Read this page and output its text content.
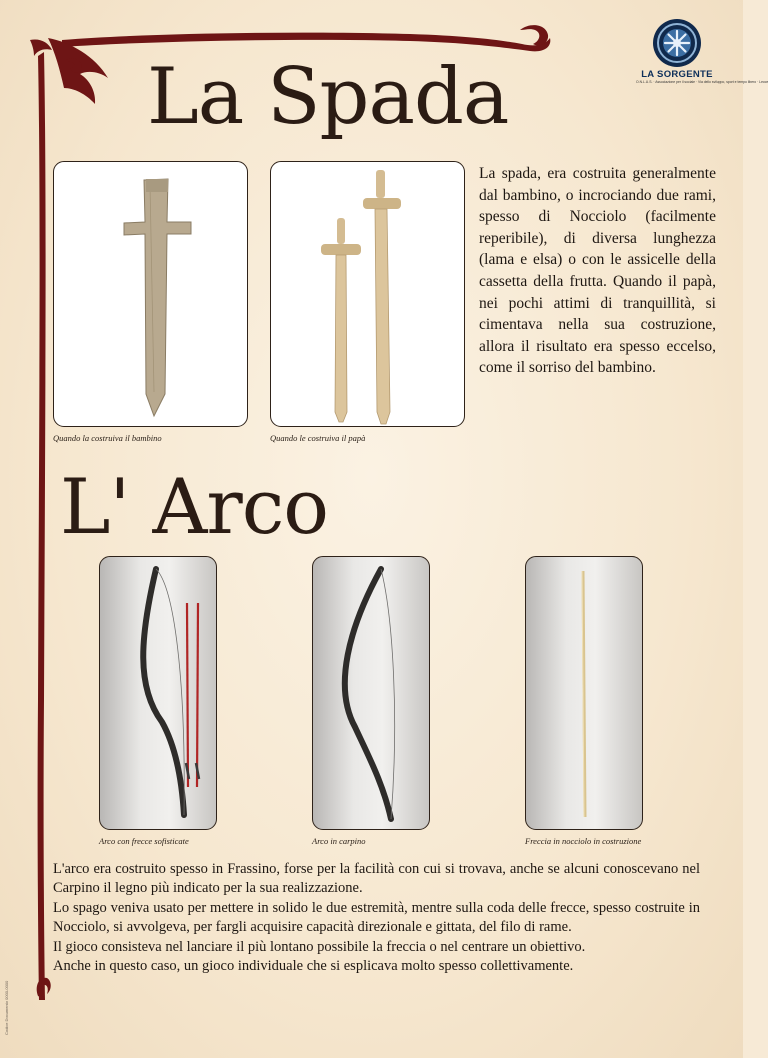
LA SORGENTE
O.N.L.U.S. · Associazione per il sociale · Via dello sviluppo, sport e tempo libero · Lecce
La Spada
Quando la costruiva il bambino	Quando le costruiva il papà

La spada, era costruita generalmente dal bambino, o incrociando due rami, spesso di Nocciolo (facilmente reperibile), di diversa lunghezza (lama e elsa) o con le assicelle della cassetta della frutta. Quando il papà, nei pochi attimi di tranquillità, si cimentava nella sua costruzione, allora il risultato era spesso eccelso, come il sorriso del bambino.

L' Arco
Arco con frecce sofisticate	Arco in carpino	Freccia in nocciolo in costruzione

L'arco era costruito spesso in Frassino, forse per la facilità con cui si trovava, anche se alcuni conoscevano nel Carpino il legno più indicato per la sua realizzazione.

Lo spago veniva usato per mettere in solido le due estremità, mentre sulla coda delle frecce, spesso costruite in Nocciolo, si avvolgeva, per fargli acquisire capacità direzionale e gittata, del filo di rame.

Il gioco consisteva nel lanciare il più lontano possibile la freccia o nel centrare un obiettivo.

Anche in questo caso, un gioco individuale che si esplicava molto spesso collettivamente.

Codice Documento 0000-0000
